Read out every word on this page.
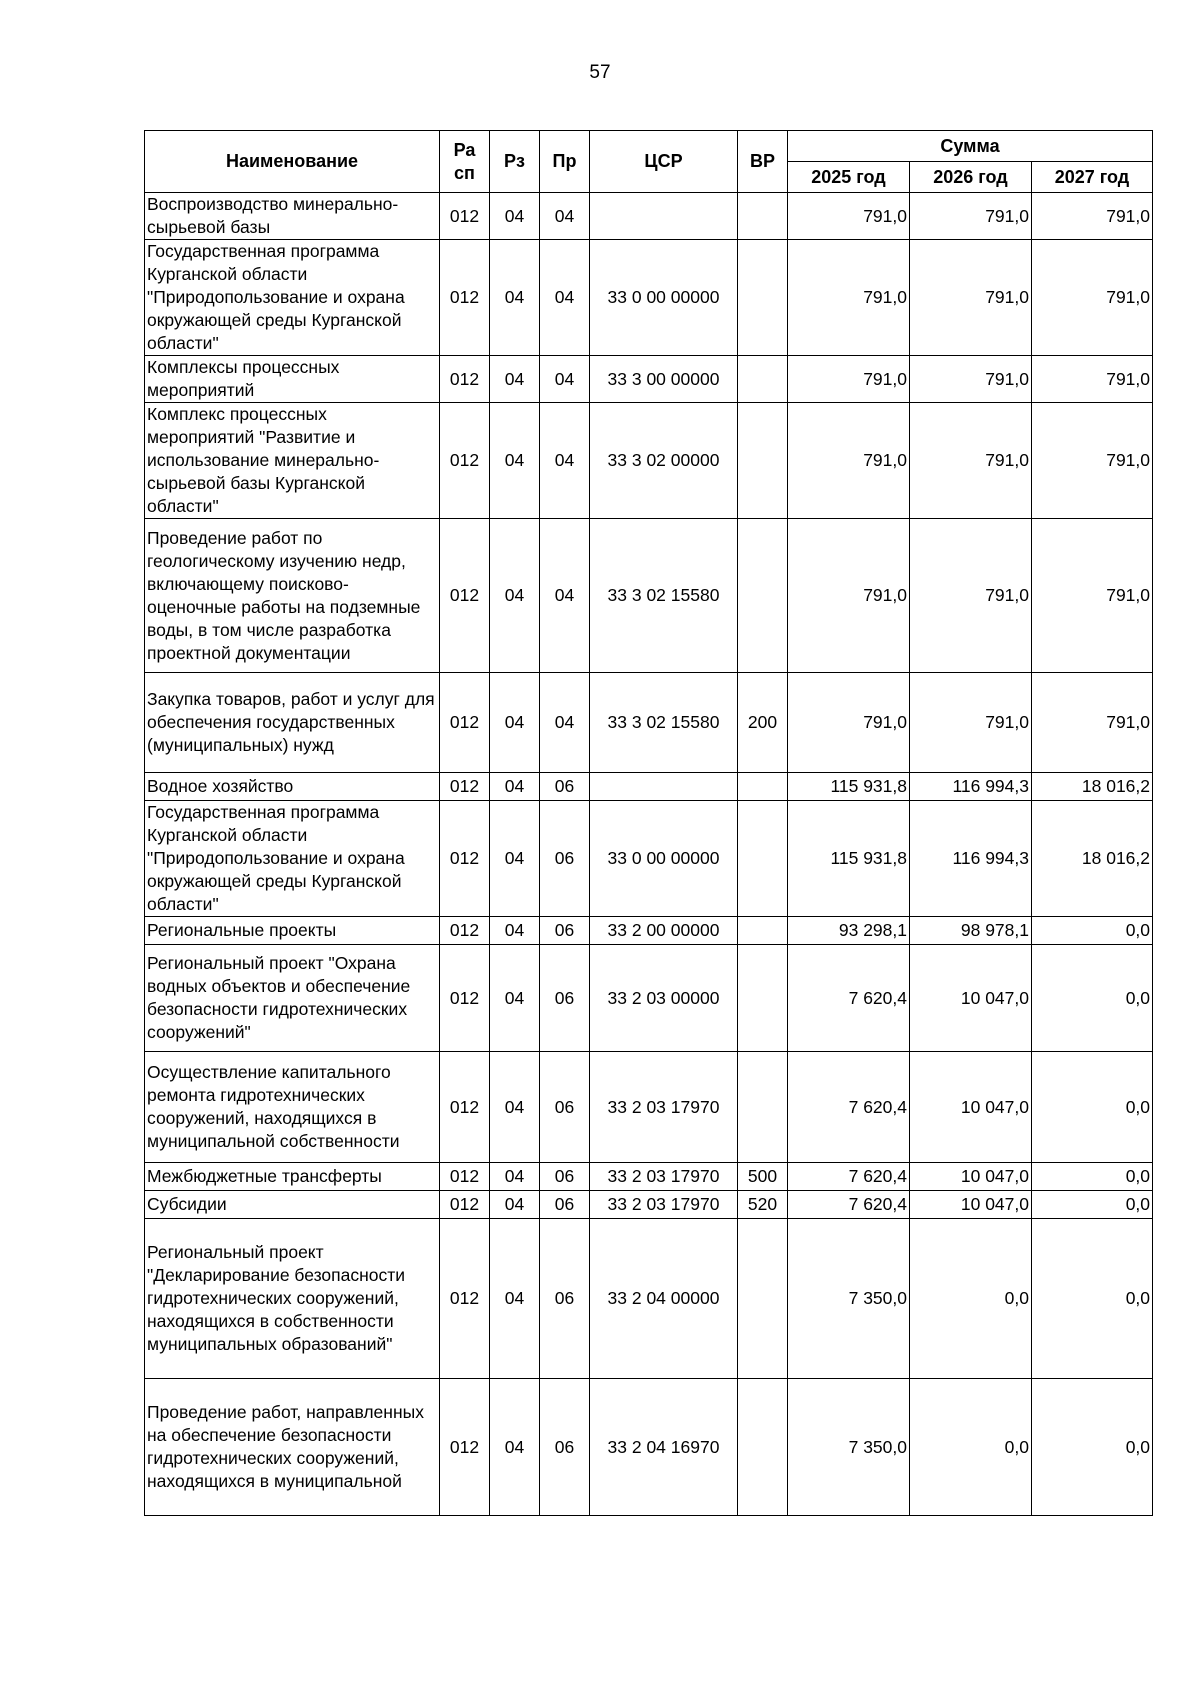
57
Наименование	Ра сп	Рз	Пр	ЦСР	ВР	Сумма		
						2025 год	2026 год	2027 год
Воспроизводство минерально-сырьевой базы	012	04	04			791,0	791,0	791,0
Государственная программа Курганской области "Природопользование и охрана окружающей среды Курганской области"	012	04	04	33 0 00 00000		791,0	791,0	791,0
Комплексы процессных мероприятий	012	04	04	33 3 00 00000		791,0	791,0	791,0
Комплекс процессных мероприятий "Развитие и использование минерально-сырьевой базы Курганской области"	012	04	04	33 3 02 00000		791,0	791,0	791,0
Проведение работ по геологическому изучению недр, включающему поисково-оценочные работы на подземные воды, в том числе разработка проектной документации	012	04	04	33 3 02 15580		791,0	791,0	791,0
Закупка товаров, работ и услуг для обеспечения государственных (муниципальных) нужд	012	04	04	33 3 02 15580	200	791,0	791,0	791,0
Водное хозяйство	012	04	06			115 931,8	116 994,3	18 016,2
Государственная программа Курганской области "Природопользование и охрана окружающей среды Курганской области"	012	04	06	33 0 00 00000		115 931,8	116 994,3	18 016,2
Региональные проекты	012	04	06	33 2 00 00000		93 298,1	98 978,1	0,0
Региональный проект "Охрана водных объектов и обеспечение безопасности гидротехнических сооружений"	012	04	06	33 2 03 00000		7 620,4	10 047,0	0,0
Осуществление капитального ремонта гидротехнических сооружений, находящихся в муниципальной собственности	012	04	06	33 2 03 17970		7 620,4	10 047,0	0,0
Межбюджетные трансферты	012	04	06	33 2 03 17970	500	7 620,4	10 047,0	0,0
Субсидии	012	04	06	33 2 03 17970	520	7 620,4	10 047,0	0,0
Региональный проект "Декларирование безопасности гидротехнических сооружений, находящихся в собственности муниципальных образований"	012	04	06	33 2 04 00000		7 350,0	0,0	0,0
Проведение работ, направленных на обеспечение безопасности гидротехнических сооружений, находящихся в муниципальной	012	04	06	33 2 04 16970		7 350,0	0,0	0,0
